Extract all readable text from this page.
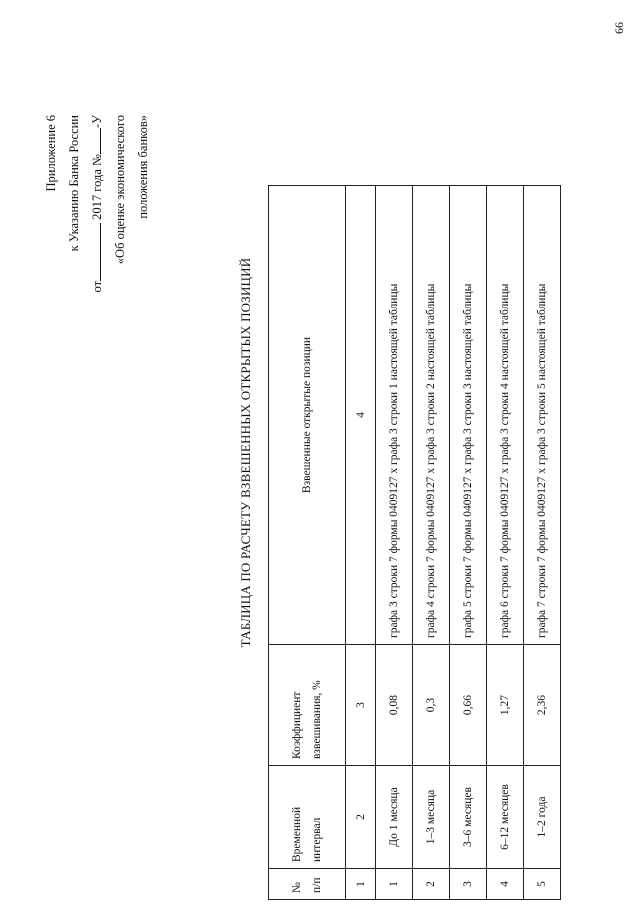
66
Приложение 6 к Указанию Банка России
от 2017 года №-У «Об оценке экономического положения банков»
ТАБЛИЦА ПО РАСЧЕТУ ВЗВЕШЕННЫХ ОТКРЫТЫХ ПОЗИЦИЙ
№ п/п	Временной интервал	Коэффициент взвешивания, %	Взвешенные открытые позиции
1	2	3	4
1	До 1 месяца	0,08	графа 3 строки 7 формы 0409127 x графа 3 строки 1 настоящей таблицы
2	1–3 месяца	0,3	графа 4 строки 7 формы 0409127 x графа 3 строки 2 настоящей таблицы
3	3–6 месяцев	0,66	графа 5 строки 7 формы 0409127 x графа 3 строки 3 настоящей таблицы
4	6–12 месяцев	1,27	графа 6 строки 7 формы 0409127 x графа 3 строки 4 настоящей таблицы
5	1–2 года	2,36	графа 7 строки 7 формы 0409127 x графа 3 строки 5 настоящей таблицы
